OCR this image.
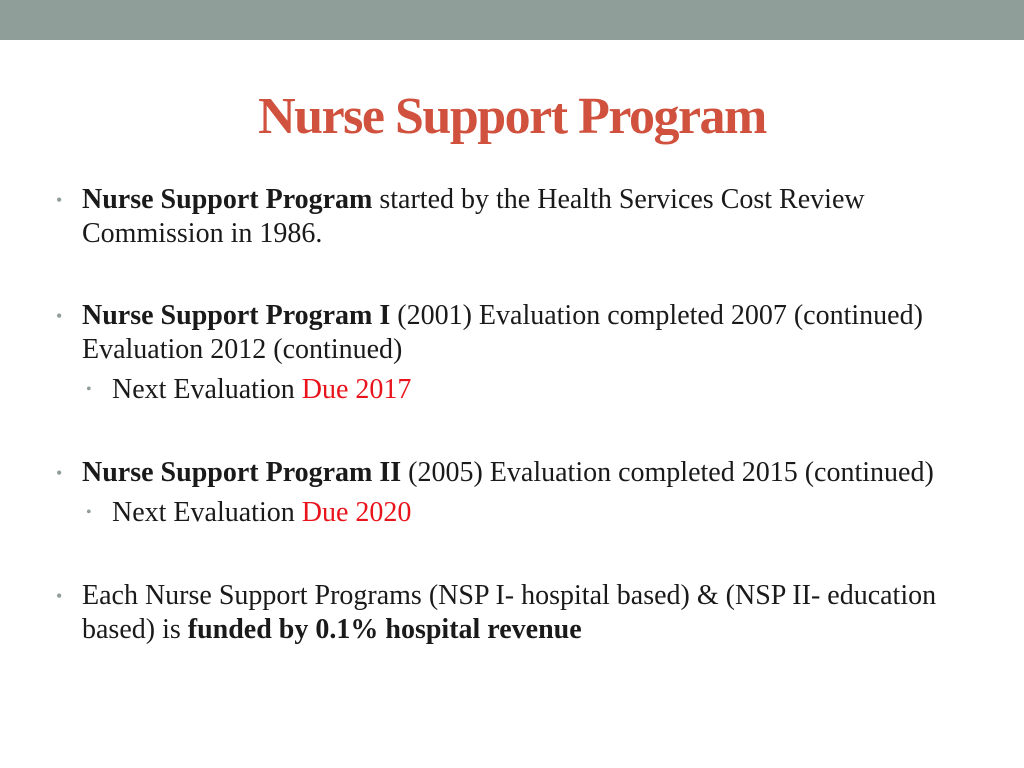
Nurse Support Program
• Nurse Support Program started by the Health Services Cost Review Commission in 1986.
• Nurse Support Program I (2001) Evaluation completed 2007 (continued) Evaluation 2012 (continued)
• Next Evaluation Due 2017
• Nurse Support Program II (2005) Evaluation completed 2015 (continued)
• Next Evaluation Due 2020
• Each Nurse Support Programs (NSP I- hospital based) & (NSP II- education based) is funded by 0.1% hospital revenue
